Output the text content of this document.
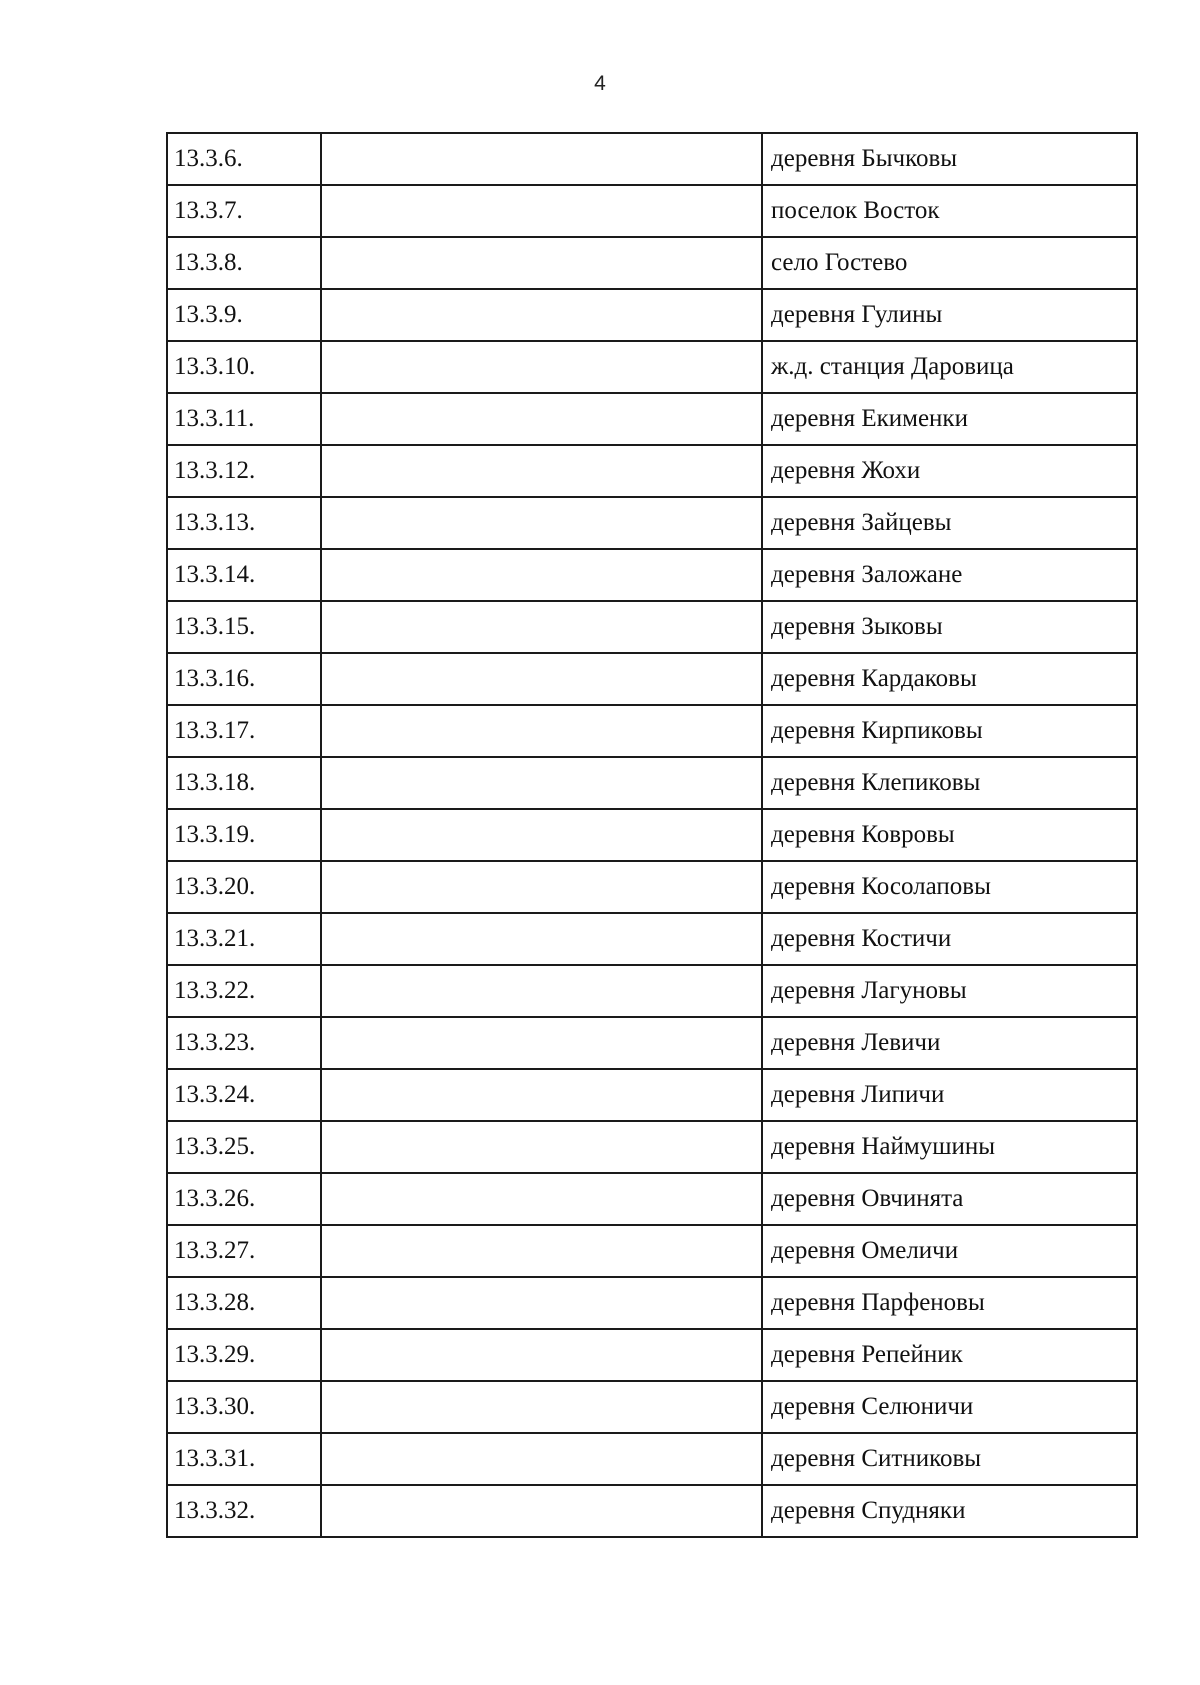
4
13.3.6.		деревня Бычковы
13.3.7.		поселок Восток
13.3.8.		село Гостево
13.3.9.		деревня Гулины
13.3.10.		ж.д. станция Даровица
13.3.11.		деревня Екименки
13.3.12.		деревня Жохи
13.3.13.		деревня Зайцевы
13.3.14.		деревня Заложане
13.3.15.		деревня Зыковы
13.3.16.		деревня Кардаковы
13.3.17.		деревня Кирпиковы
13.3.18.		деревня Клепиковы
13.3.19.		деревня Ковровы
13.3.20.		деревня Косолаповы
13.3.21.		деревня Костичи
13.3.22.		деревня Лагуновы
13.3.23.		деревня Левичи
13.3.24.		деревня Липичи
13.3.25.		деревня Наймушины
13.3.26.		деревня Овчинята
13.3.27.		деревня Омеличи
13.3.28.		деревня Парфеновы
13.3.29.		деревня Репейник
13.3.30.		деревня Селюничи
13.3.31.		деревня Ситниковы
13.3.32.		деревня Спудняки
